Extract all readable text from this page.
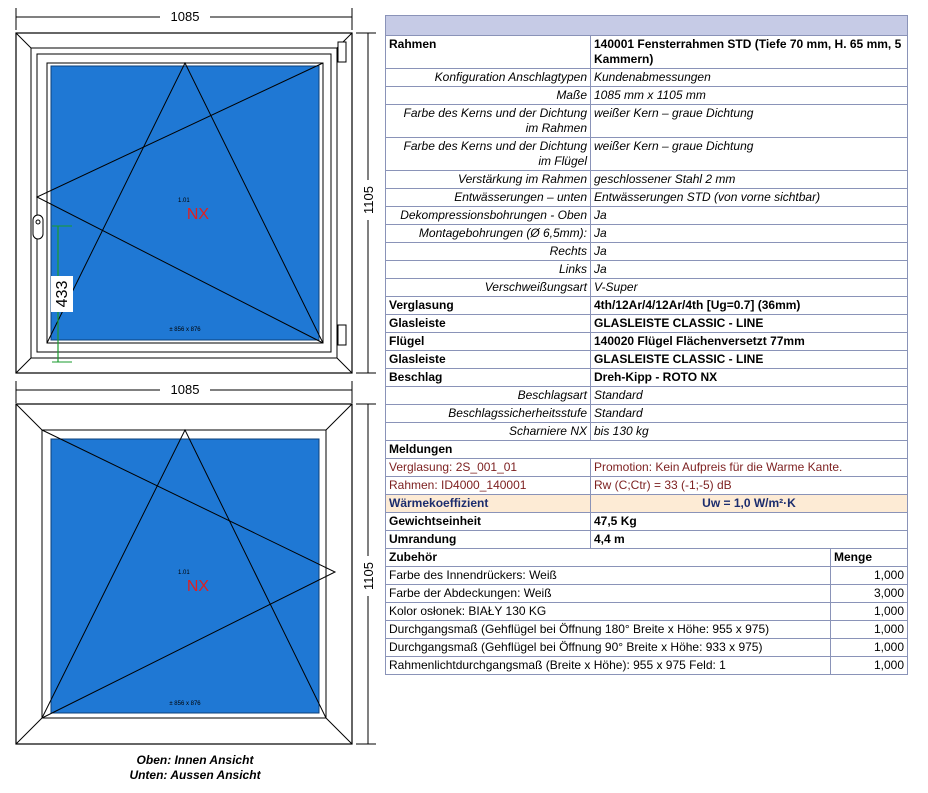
1085
1105
433
1.01
NX
± 856 x 876
1085
1105
1.01
NX
± 856 x 876
Oben: Innen Ansicht
Unten: Aussen Ansicht

Rahmen	140001 Fensterrahmen STD (Tiefe 70 mm, H. 65 mm, 5 Kammern)	
Konfiguration Anschlagtypen	Kundenabmessungen	
Maße	1085 mm x 1105 mm	
Farbe des Kerns und der Dichtung im Rahmen	weißer Kern – graue Dichtung	
Farbe des Kerns und der Dichtung im Flügel	weißer Kern – graue Dichtung	
Verstärkung im Rahmen	geschlossener Stahl 2 mm	
Entwässerungen – unten	Entwässerungen STD (von vorne sichtbar)	
Dekompressionsbohrungen - Oben	Ja	
Montagebohrungen (Ø 6,5mm):	Ja	
Rechts	Ja	
Links	Ja	
Verschweißungsart	V-Super	
Verglasung	4th/12Ar/4/12Ar/4th [Ug=0.7] (36mm)	
Glasleiste	GLASLEISTE CLASSIC - LINE	
Flügel	140020 Flügel Flächenversetzt 77mm	
Glasleiste	GLASLEISTE CLASSIC - LINE	
Beschlag	Dreh-Kipp - ROTO NX	
Beschlagsart	Standard	
Beschlagssicherheitsstufe	Standard	
Scharniere NX	bis 130 kg	
Meldungen		
Verglasung: 2S_001_01	Promotion: Kein Aufpreis für die Warme Kante.	
Rahmen: ID4000_140001	Rw (C;Ctr) = 33 (-1;-5) dB	
Wärmekoeffizient	Uw = 1,0 W/m²·K	
Gewichtseinheit	47,5 Kg	
Umrandung	4,4 m	
Zubehör		Menge
Farbe des Innendrückers: Weiß		1,000
Farbe der Abdeckungen: Weiß		3,000
Kolor osłonek: BIAŁY 130 KG		1,000
Durchgangsmaß (Gehflügel bei Öffnung 180° Breite x Höhe: 955 x 975)		1,000
Durchgangsmaß (Gehflügel bei Öffnung 90° Breite x Höhe: 933 x 975)		1,000
Rahmenlichtdurchgangsmaß (Breite x Höhe): 955 x 975 Feld: 1		1,000
